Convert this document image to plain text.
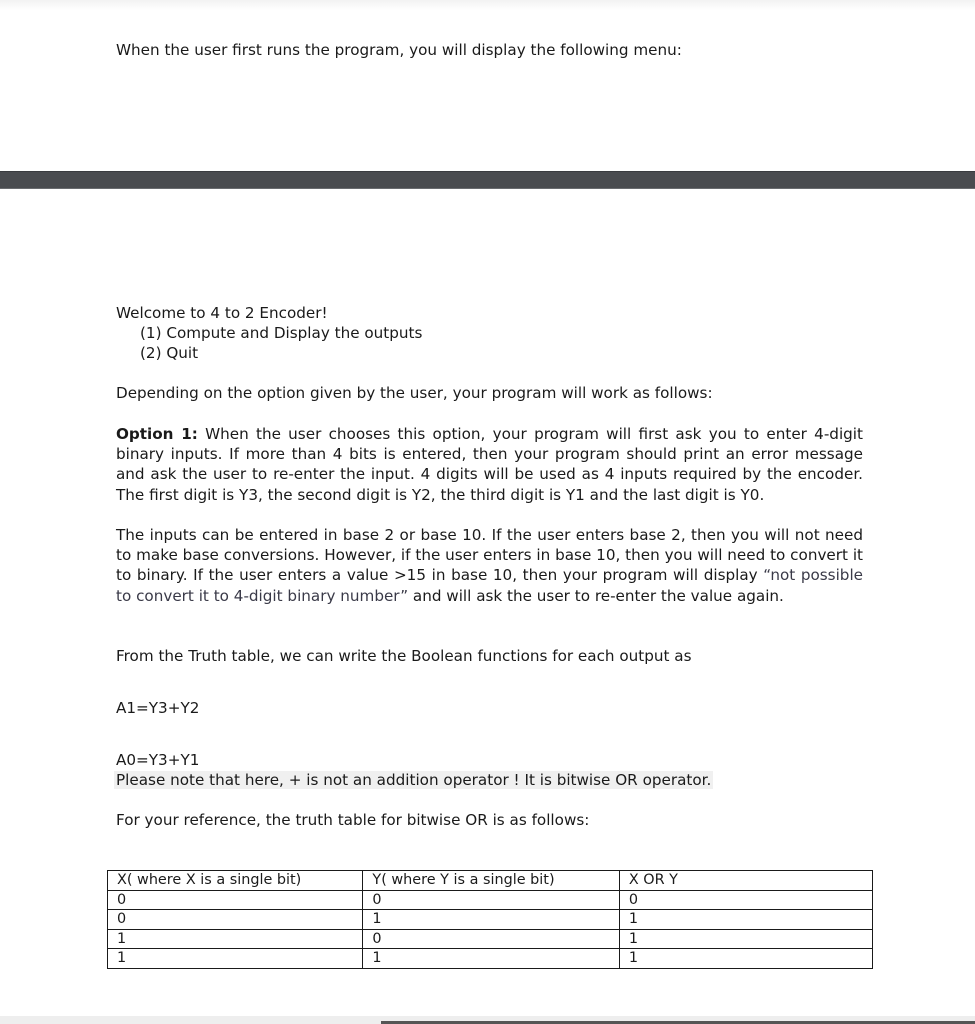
When the user first runs the program, you will display the following menu:
Welcome to 4 to 2 Encoder!
(1) Compute and Display the outputs
(2) Quit
Depending on the option given by the user, your program will work as follows:

Option 1: When the user chooses this option, your program will first ask you to enter 4-digit binary inputs. If more than 4 bits is entered, then your program should print an error message and ask the user to re-enter the input. 4 digits will be used as 4 inputs required by the encoder. The first digit is Y3, the second digit is Y2, the third digit is Y1 and the last digit is Y0.

The inputs can be entered in base 2 or base 10. If the user enters base 2, then you will not need to make base conversions. However, if the user enters in base 10, then you will need to convert it to binary. If the user enters a value >15 in base 10, then your program will display “not possible to convert it to 4-digit binary number” and will ask the user to re-enter the value again.

From the Truth table, we can write the Boolean functions for each output as
A1=Y3+Y2
A0=Y3+Y1
Please note that here, + is not an addition operator ! It is bitwise OR operator.
For your reference, the truth table for bitwise OR is as follows:
X( where X is a single bit)	Y( where Y is a single bit)	X OR Y
0	0	0
0	1	1
1	0	1
1	1	1
